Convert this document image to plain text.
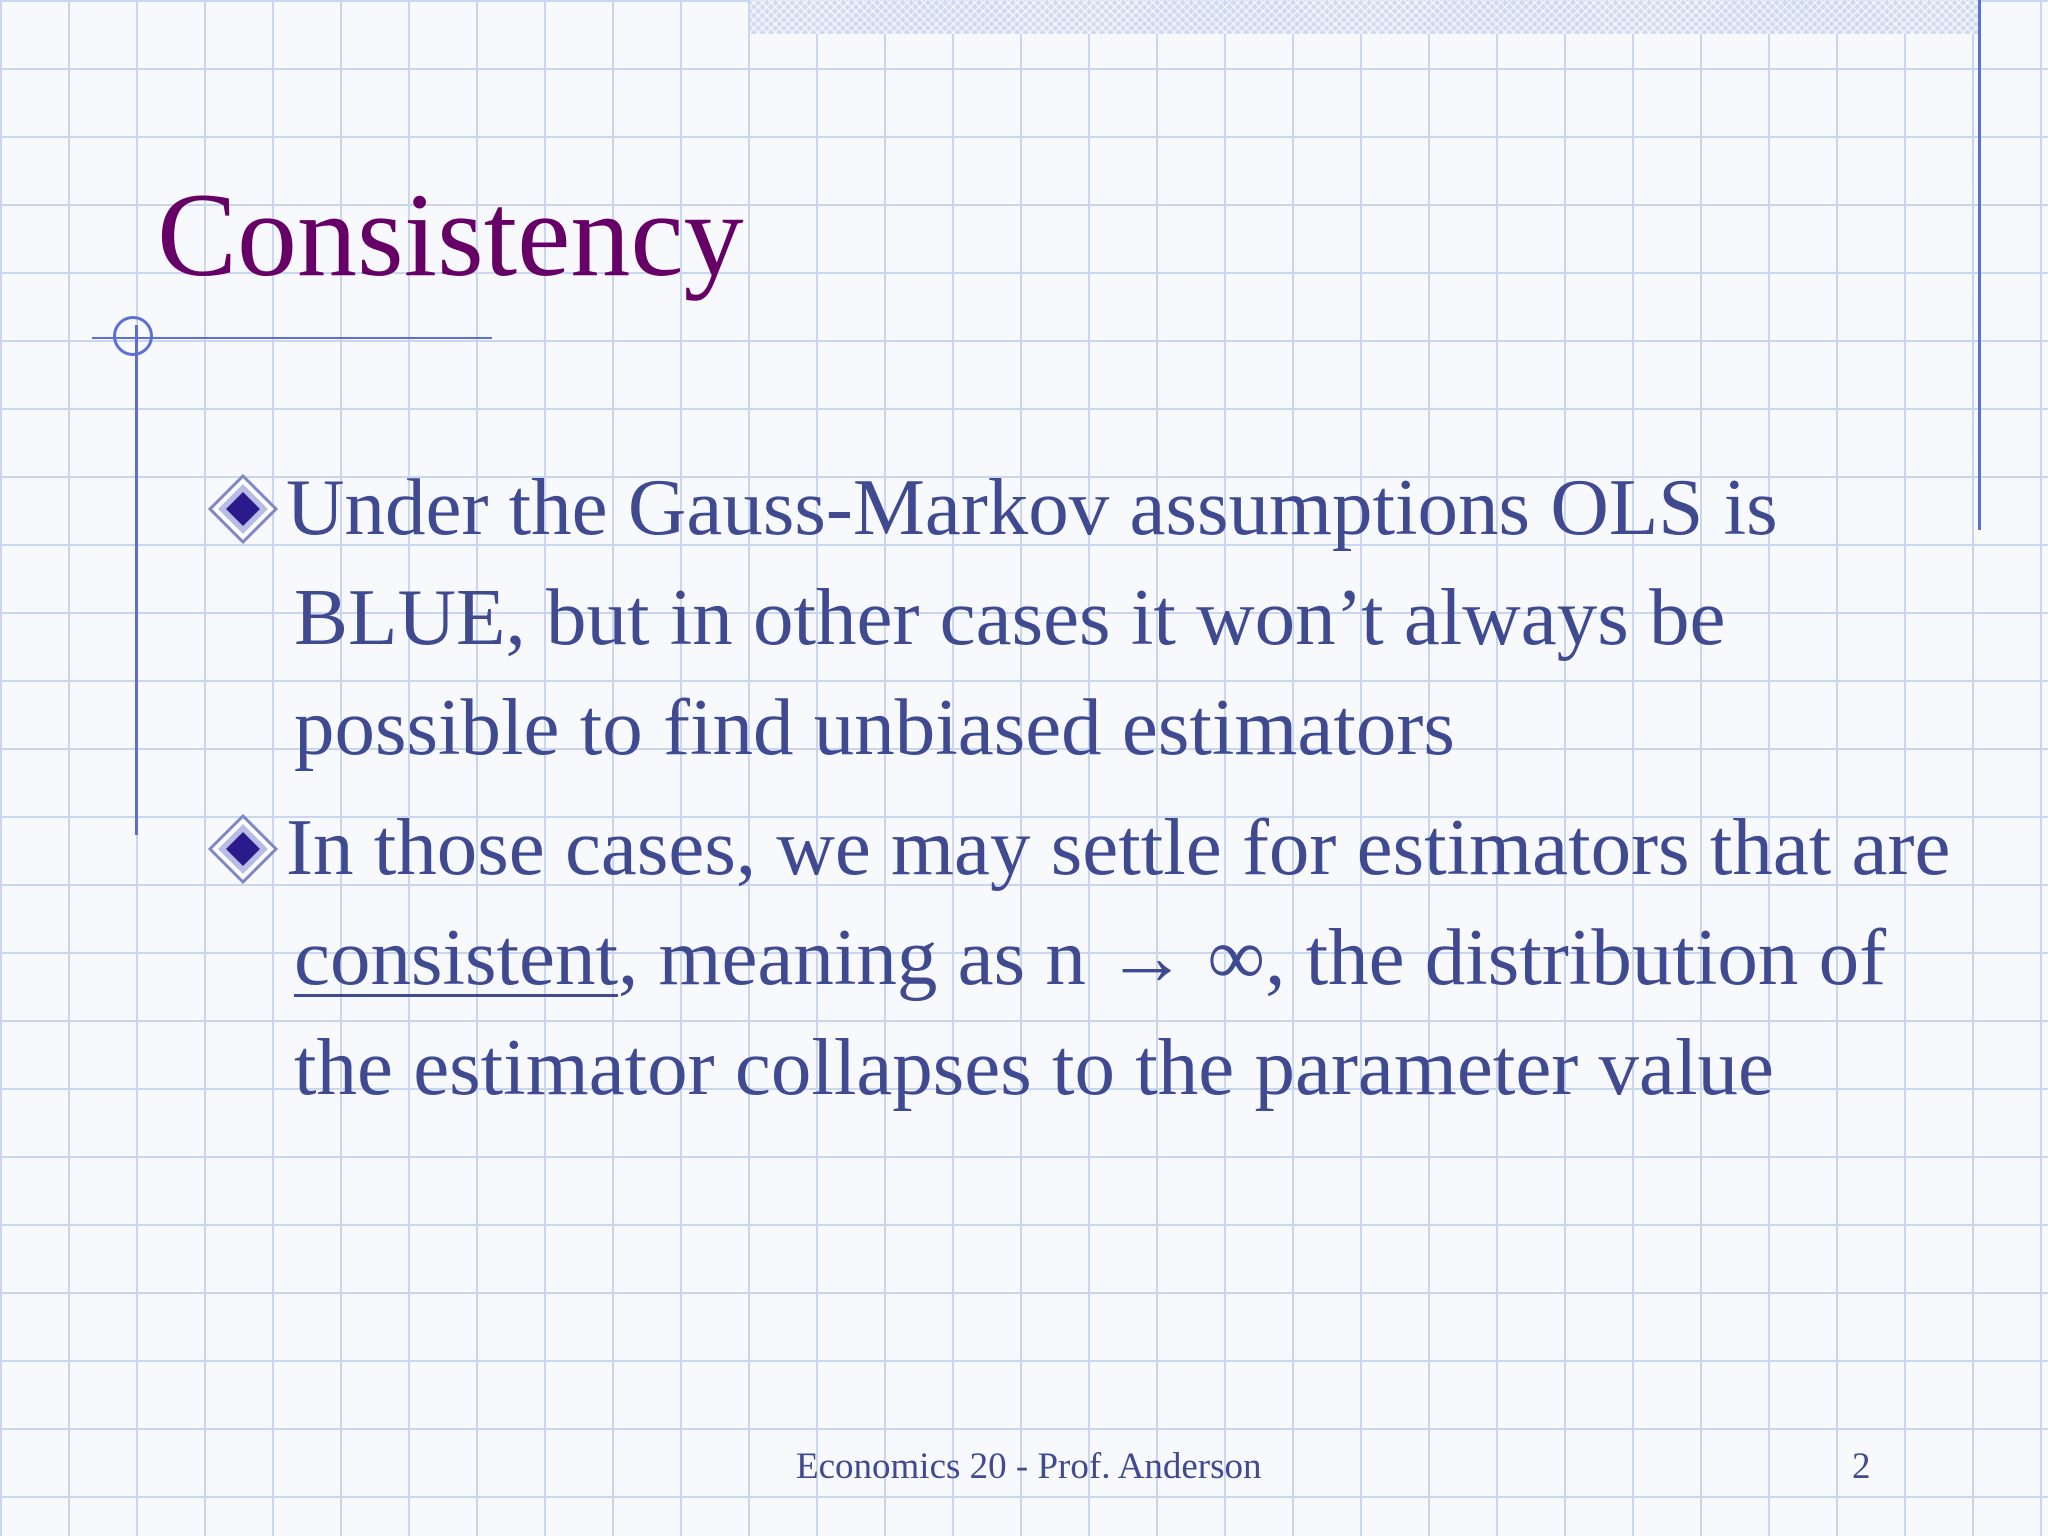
Consistency
Under the Gauss-Markov assumptions OLS is BLUE, but in other cases it won’t always be possible to find unbiased estimators
In those cases, we may settle for estimators that are consistent, meaning as n → ∞, the distribution of the estimator collapses to the parameter value
Economics 20 - Prof. Anderson	2
